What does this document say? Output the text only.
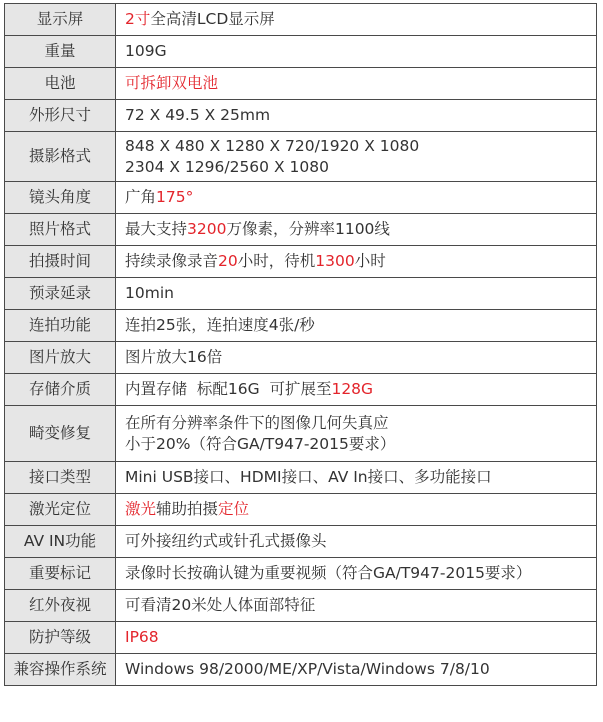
显示屏	2寸全高清LCD显示屏
重量	109G
电池	可拆卸双电池
外形尺寸	72 X 49.5 X 25mm
摄影格式	848 X 480 X 1280 X 720/1920 X 1080
2304 X 1296/2560 X 1080

镜头角度	广角175°
照片格式	最大支持3200万像素，分辨率1100线
拍摄时间	持续录像录音20小时，待机1300小时
预录延录	10min
连拍功能	连拍25张，连拍速度4张/秒
图片放大	图片放大16倍
存储介质	内置存储  标配16G  可扩展至128G
畸变修复	在所有分辨率条件下的图像几何失真应
小于20%（符合GA/T947-2015要求）

接口类型	Mini USB接口、HDMI接口、AV In接口、多功能接口
激光定位	激光辅助拍摄定位
AV IN功能	可外接纽约式或针孔式摄像头
重要标记	录像时长按确认键为重要视频（符合GA/T947-2015要求）
红外夜视	可看清20米处人体面部特征
防护等级	IP68
兼容操作系统	Windows 98/2000/ME/XP/Vista/Windows 7/8/10
